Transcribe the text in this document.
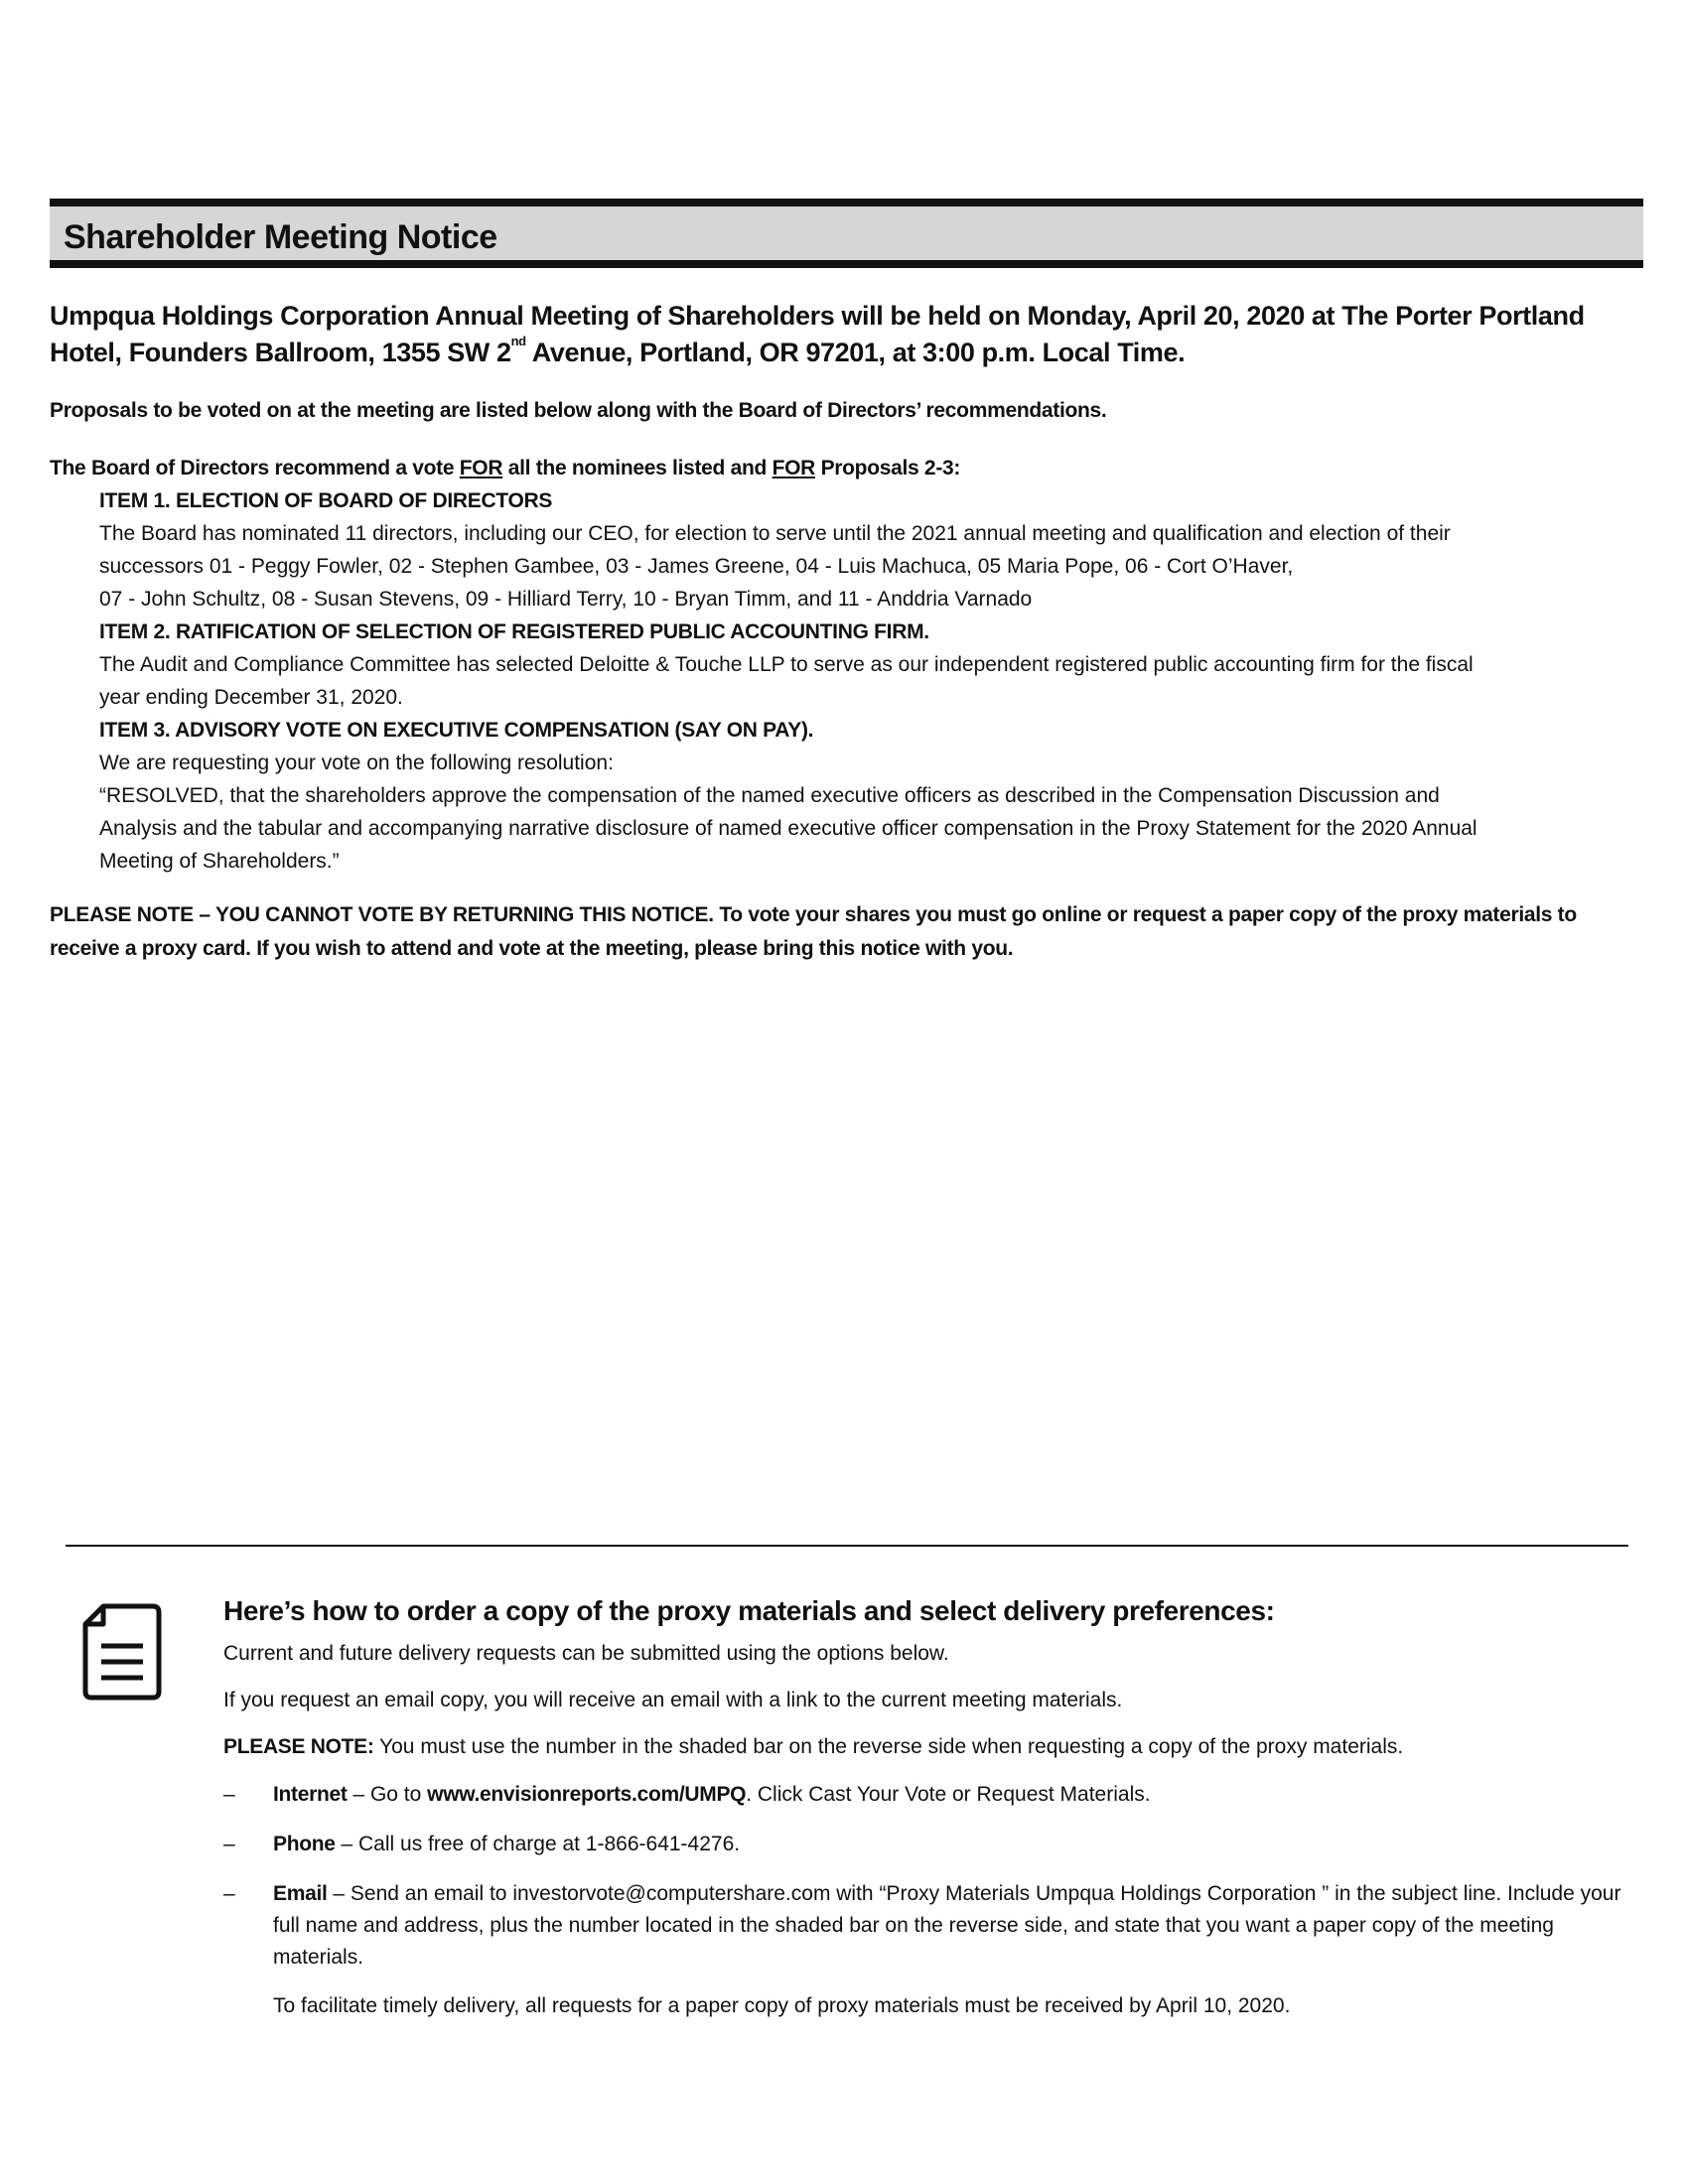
Shareholder Meeting Notice
Umpqua Holdings Corporation Annual Meeting of Shareholders will be held on Monday, April 20, 2020 at The Porter Portland Hotel, Founders Ballroom, 1355 SW 2nd Avenue, Portland, OR 97201, at 3:00 p.m. Local Time.
Proposals to be voted on at the meeting are listed below along with the Board of Directors’ recommendations.
The Board of Directors recommend a vote FOR all the nominees listed and FOR Proposals 2-3:
ITEM 1. ELECTION OF BOARD OF DIRECTORS
The Board has nominated 11 directors, including our CEO, for election to serve until the 2021 annual meeting and qualification and election of their
successors 01 - Peggy Fowler, 02 - Stephen Gambee, 03 - James Greene, 04 - Luis Machuca, 05 Maria Pope, 06 - Cort O’Haver,
07 - John Schultz, 08 - Susan Stevens, 09 - Hilliard Terry, 10 - Bryan Timm, and 11 - Anddria Varnado
ITEM 2. RATIFICATION OF SELECTION OF REGISTERED PUBLIC ACCOUNTING FIRM.
The Audit and Compliance Committee has selected Deloitte & Touche LLP to serve as our independent registered public accounting firm for the fiscal
year ending December 31, 2020.
ITEM 3. ADVISORY VOTE ON EXECUTIVE COMPENSATION (SAY ON PAY).
We are requesting your vote on the following resolution:
“RESOLVED, that the shareholders approve the compensation of the named executive officers as described in the Compensation Discussion and
Analysis and the tabular and accompanying narrative disclosure of named executive officer compensation in the Proxy Statement for the 2020 Annual
Meeting of Shareholders.”
PLEASE NOTE – YOU CANNOT VOTE BY RETURNING THIS NOTICE. To vote your shares you must go online or request a paper copy of the proxy materials to receive a proxy card. If you wish to attend and vote at the meeting, please bring this notice with you.
Here’s how to order a copy of the proxy materials and select delivery preferences:

Current and future delivery requests can be submitted using the options below.

If you request an email copy, you will receive an email with a link to the current meeting materials.

PLEASE NOTE: You must use the number in the shaded bar on the reverse side when requesting a copy of the proxy materials.

– Internet – Go to www.envisionreports.com/UMPQ. Click Cast Your Vote or Request Materials.
– Phone – Call us free of charge at 1-866-641-4276.
– Email – Send an email to investorvote@computershare.com with “Proxy Materials Umpqua Holdings Corporation ” in the subject line. Include your full name and address, plus the number located in the shaded bar on the reverse side, and state that you want a paper copy of the meeting materials.
To facilitate timely delivery, all requests for a paper copy of proxy materials must be received by April 10, 2020.
